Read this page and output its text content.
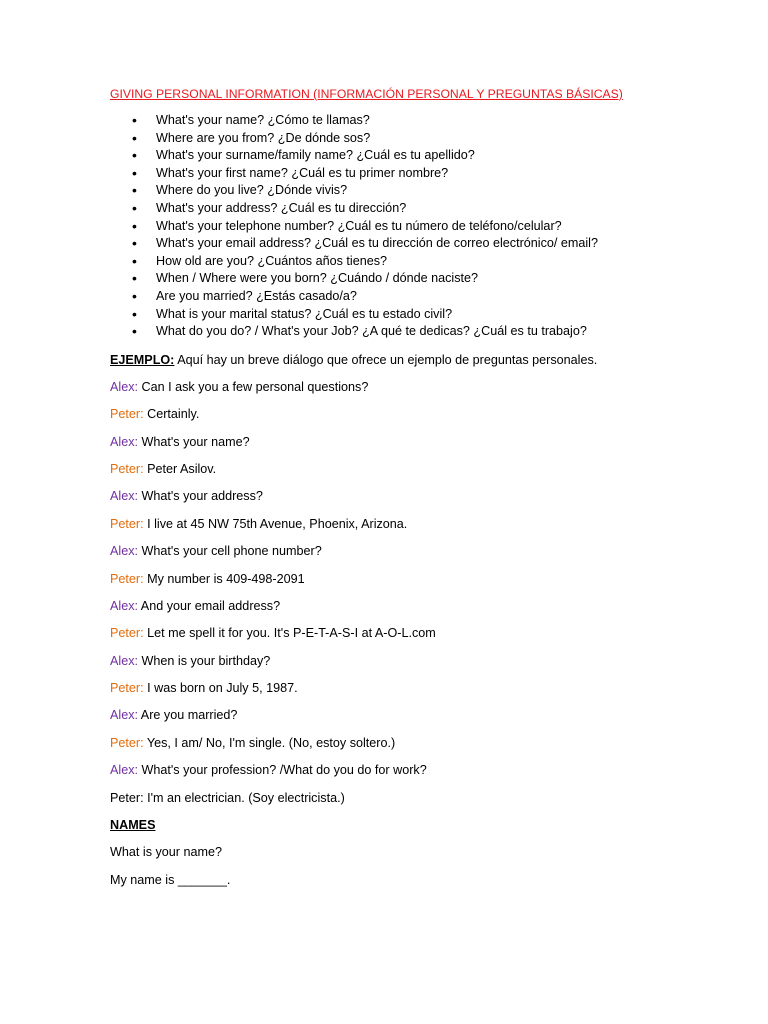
GIVING PERSONAL INFORMATION (INFORMACIÓN PERSONAL Y PREGUNTAS BÁSICAS)
• What's your name? ¿Cómo te llamas?
• Where are you from? ¿De dónde sos?
• What's your surname/family name? ¿Cuál es tu apellido?
• What's your first name? ¿Cuál es tu primer nombre?
• Where do you live? ¿Dónde vivis?
• What's your address? ¿Cuál es tu dirección?
• What's your telephone number? ¿Cuál es tu número de teléfono/celular?
• What's your email address? ¿Cuál es tu dirección de correo electrónico/ email?
• How old are you? ¿Cuántos años tienes?
• When / Where were you born? ¿Cuándo / dónde naciste?
• Are you married? ¿Estás casado/a?
• What is your marital status? ¿Cuál es tu estado civil?
• What do you do? / What's your Job? ¿A qué te dedicas? ¿Cuál es tu trabajo?
EJEMPLO: Aquí hay un breve diálogo que ofrece un ejemplo de preguntas personales.
Alex: Can I ask you a few personal questions?
Peter: Certainly.
Alex: What's your name?
Peter: Peter Asilov.
Alex: What's your address?
Peter: I live at 45 NW 75th Avenue, Phoenix, Arizona.
Alex: What's your cell phone number?
Peter: My number is 409-498-2091
Alex: And your email address?
Peter: Let me spell it for you. It's P-E-T-A-S-I at A-O-L.com
Alex: When is your birthday?
Peter: I was born on July 5, 1987.
Alex: Are you married?
Peter: Yes, I am/ No, I'm single. (No, estoy soltero.)
Alex: What's your profession? /What do you do for work?
Peter: I'm an electrician. (Soy electricista.)
NAMES
What is your name?
My name is _______.
